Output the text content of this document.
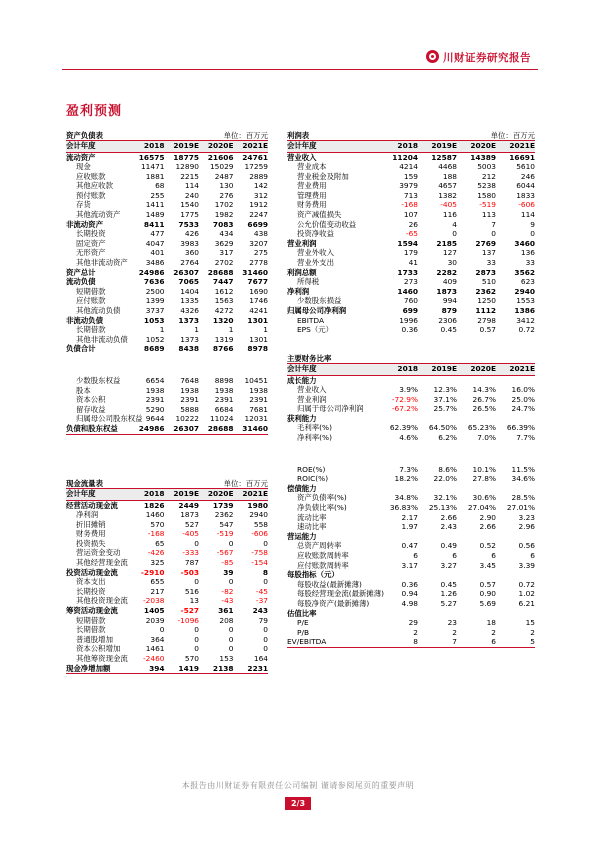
川财证券研究报告
盈利预测
资产负债表	单位：百万元
会计年度	2018	2019E	2020E	2021E
流动资产	16575	18775	21606	24761
现金	11471	12890	15029	17259
应收账款	1881	2215	2487	2889
其他应收款	68	114	130	142
预付账款	255	240	276	312
存货	1411	1540	1702	1912
其他流动资产	1489	1775	1982	2247
非流动资产	8411	7533	7083	6699
长期投资	477	426	434	438
固定资产	4047	3983	3629	3207
无形资产	401	360	317	275
其他非流动资产	3486	2764	2702	2778
资产总计	24986	26307	28688	31460
流动负债	7636	7065	7447	7677
短期借款	2500	1404	1612	1690
应付账款	1399	1335	1563	1746
其他流动负债	3737	4326	4272	4241
非流动负债	1053	1373	1320	1301
长期借款	1	1	1	1
其他非流动负债	1052	1373	1319	1301
负债合计	8689	8438	8766	8978

少数股东权益	6654	7648	8898	10451
股本	1938	1938	1938	1938
资本公积	2391	2391	2391	2391
留存收益	5290	5888	6684	7681
归属母公司股东权益	9644	10222	11024	12031
负债和股东权益	24986	26307	28688	31460
现金流量表	单位：百万元
会计年度	2018	2019E	2020E	2021E
经营活动现金流	1826	2449	1739	1980
净利润	1460	1873	2362	2940
折旧摊销	570	527	547	558
财务费用	-168	-405	-519	-606
投资损失	65	0	0	0
营运资金变动	-426	-333	-567	-758
其他经营现金流	325	787	-85	-154
投资活动现金流	-2910	-503	39	8
资本支出	655	0	0	0
长期投资	217	516	-82	-45
其他投资现金流	-2038	13	-43	-37
筹资活动现金流	1405	-527	361	243
短期借款	2039	-1096	208	79
长期借款	0	0	0	0
普通股增加	364	0	0	0
资本公积增加	1461	0	0	0
其他筹资现金流	-2460	570	153	164
现金净增加额	394	1419	2138	2231
利润表	单位：百万元
会计年度	2018	2019E	2020E	2021E
营业收入	11204	12587	14389	16691
营业成本	4214	4468	5003	5610
营业税金及附加	159	188	212	246
营业费用	3979	4657	5238	6044
管理费用	713	1382	1580	1833
财务费用	-168	-405	-519	-606
资产减值损失	107	116	113	114
公允价值变动收益	26	4	7	9
投资净收益	-65	0	0	0
营业利润	1594	2185	2769	3460
营业外收入	179	127	137	136
营业外支出	41	30	33	33
利润总额	1733	2282	2873	3562
所得税	273	409	510	623
净利润	1460	1873	2362	2940
少数股东损益	760	994	1250	1553
归属母公司净利润	699	879	1112	1386
EBITDA	1996	2306	2798	3412
EPS（元）	0.36	0.45	0.57	0.72
主要财务比率
会计年度	2018	2019E	2020E	2021E
成长能力				
营业收入	3.9%	12.3%	14.3%	16.0%
营业利润	-72.9%	37.1%	26.7%	25.0%
归属于母公司净利润	-67.2%	25.7%	26.5%	24.7%
获利能力				
毛利率(%)	62.39%	64.50%	65.23%	66.39%
净利率(%)	4.6%	6.2%	7.0%	7.7%

ROE(%)	7.3%	8.6%	10.1%	11.5%
ROIC(%)	18.2%	22.0%	27.8%	34.6%
偿债能力				
资产负债率(%)	34.8%	32.1%	30.6%	28.5%
净负债比率(%)	36.83%	25.13%	27.04%	27.01%
流动比率	2.17	2.66	2.90	3.23
速动比率	1.97	2.43	2.66	2.96
营运能力				
总资产周转率	0.47	0.49	0.52	0.56
应收账款周转率	6	6	6	6
应付账款周转率	3.17	3.27	3.45	3.39
每股指标（元）				
每股收益(最新摊薄)	0.36	0.45	0.57	0.72
每股经营现金流(最新摊薄)	0.94	1.26	0.90	1.02
每股净资产(最新摊薄)	4.98	5.27	5.69	6.21
估值比率				
P/E	29	23	18	15
P/B	2	2	2	2
EV/EBITDA	8	7	6	5
本报告由川财证券有限责任公司编制 谨请参阅尾页的重要声明
2/3
